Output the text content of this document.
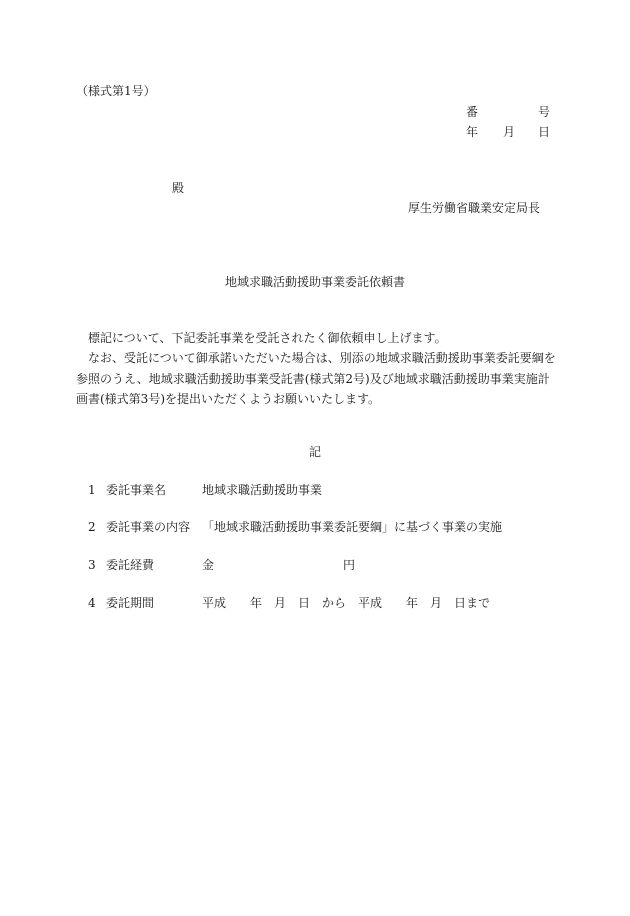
（様式第1号）
番	号
年 月 日
殿
厚生労働省職業安定局長
地域求職活動援助事業委託依頼書
標記について、下記委託事業を受託されたく御依頼申し上げます。
なお、受託について御承諾いただいた場合は、別添の地域求職活動援助事業委託要綱を参照のうえ、地域求職活動援助事業受託書(様式第2号)及び地域求職活動援助事業実施計画書(様式第3号)を提出いただくようお願いいたします。
記
1 委託事業名	地域求職活動援助事業
2 委託事業の内容 「地域求職活動援助事業委託要綱」に基づく事業の実施
3 委託経費	金	円
4 委託期間	平成　　年　月　日　から　平成　　年　月　日まで
